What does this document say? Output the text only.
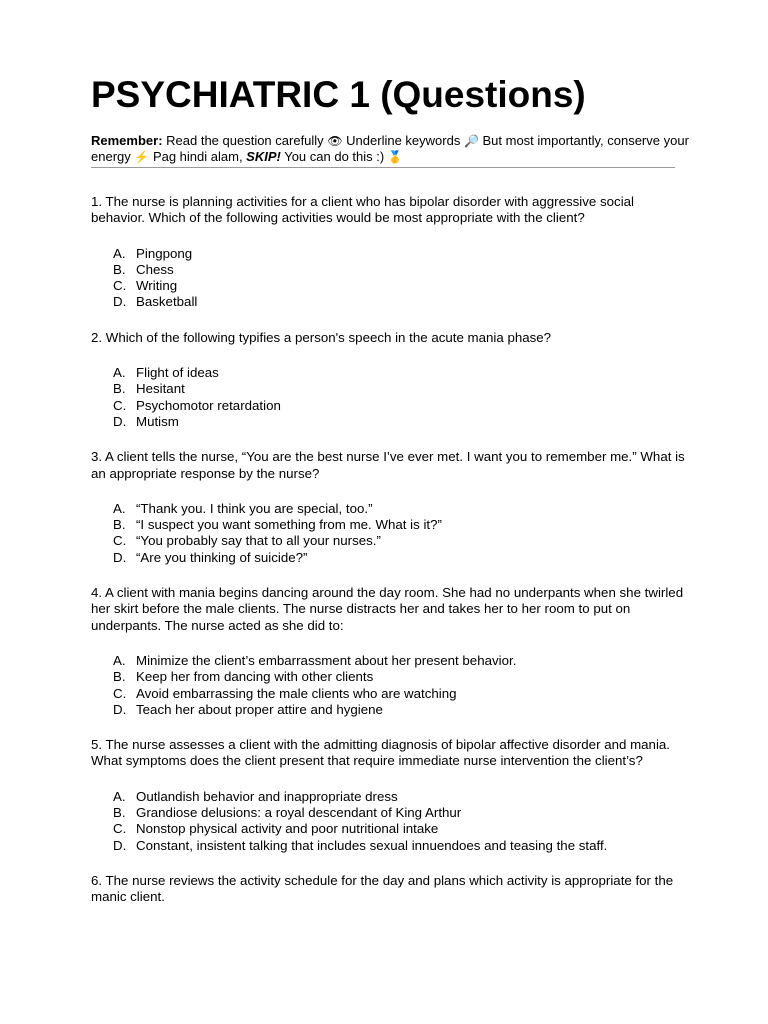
PSYCHIATRIC 1 (Questions)

Remember: Read the question carefully 👁 Underline keywords 🔎 But most importantly, conserve your energy ⚡ Pag hindi alam, SKIP! You can do this :) 🥇

1. The nurse is planning activities for a client who has bipolar disorder with aggressive social behavior. Which of the following activities would be most appropriate with the client?

A. Pingpong
B. Chess
C. Writing
D. Basketball

2. Which of the following typifies a person's speech in the acute mania phase?

A. Flight of ideas
B. Hesitant
C. Psychomotor retardation
D. Mutism

3. A client tells the nurse, “You are the best nurse I’ve ever met. I want you to remember me.” What is an appropriate response by the nurse?

A. “Thank you. I think you are special, too.”
B. “I suspect you want something from me. What is it?”
C. “You probably say that to all your nurses.”
D. “Are you thinking of suicide?”

4. A client with mania begins dancing around the day room. She had no underpants when she twirled her skirt before the male clients. The nurse distracts her and takes her to her room to put on underpants. The nurse acted as she did to:

A. Minimize the client’s embarrassment about her present behavior.
B. Keep her from dancing with other clients
C. Avoid embarrassing the male clients who are watching
D. Teach her about proper attire and hygiene

5. The nurse assesses a client with the admitting diagnosis of bipolar affective disorder and mania. What symptoms does the client present that require immediate nurse intervention the client’s?

A. Outlandish behavior and inappropriate dress
B. Grandiose delusions: a royal descendant of King Arthur
C. Nonstop physical activity and poor nutritional intake
D. Constant, insistent talking that includes sexual innuendoes and teasing the staff.

6. The nurse reviews the activity schedule for the day and plans which activity is appropriate for the manic client.
